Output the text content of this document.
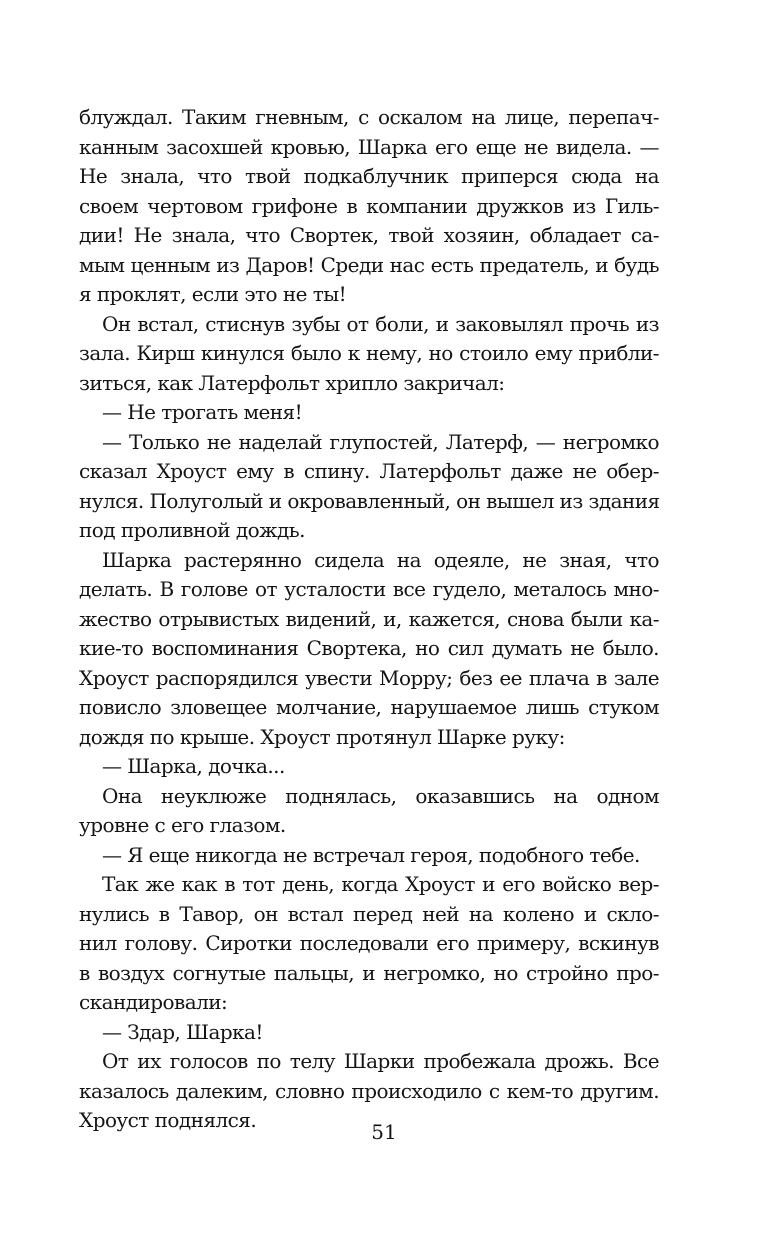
блуждал. Таким гневным, с оскалом на лице, перепач-
канным засохшей кровью, Шарка его еще не видела. —
Не знала, что твой подкаблучник приперся сюда на
своем чертовом грифоне в компании дружков из Гиль-
дии! Не знала, что Свортек, твой хозяин, обладает са-
мым ценным из Даров! Среди нас есть предатель, и будь
я проклят, если это не ты!
Он встал, стиснув зубы от боли, и заковылял прочь из
зала. Кирш кинулся было к нему, но стоило ему прибли-
зиться, как Латерфольт хрипло закричал:
— Не трогать меня!
— Только не наделай глупостей, Латерф, — негромко
сказал Хроуст ему в спину. Латерфольт даже не обер-
нулся. Полуголый и окровавленный, он вышел из здания
под проливной дождь.
Шарка растерянно сидела на одеяле, не зная, что
делать. В голове от усталости все гудело, металось мно-
жество отрывистых видений, и, кажется, снова были ка-
кие-то воспоминания Свортека, но сил думать не было.
Хроуст распорядился увести Морру; без ее плача в зале
повисло зловещее молчание, нарушаемое лишь стуком
дождя по крыше. Хроуст протянул Шарке руку:
— Шарка, дочка...
Она неуклюже поднялась, оказавшись на одном
уровне с его глазом.
— Я еще никогда не встречал героя, подобного тебе.
Так же как в тот день, когда Хроуст и его войско вер-
нулись в Тавор, он встал перед ней на колено и скло-
нил голову. Сиротки последовали его примеру, вскинув
в воздух согнутые пальцы, и негромко, но стройно про-
скандировали:
— Здар, Шарка!
От их голосов по телу Шарки пробежала дрожь. Все
казалось далеким, словно происходило с кем-то другим.
Хроуст поднялся.	51
